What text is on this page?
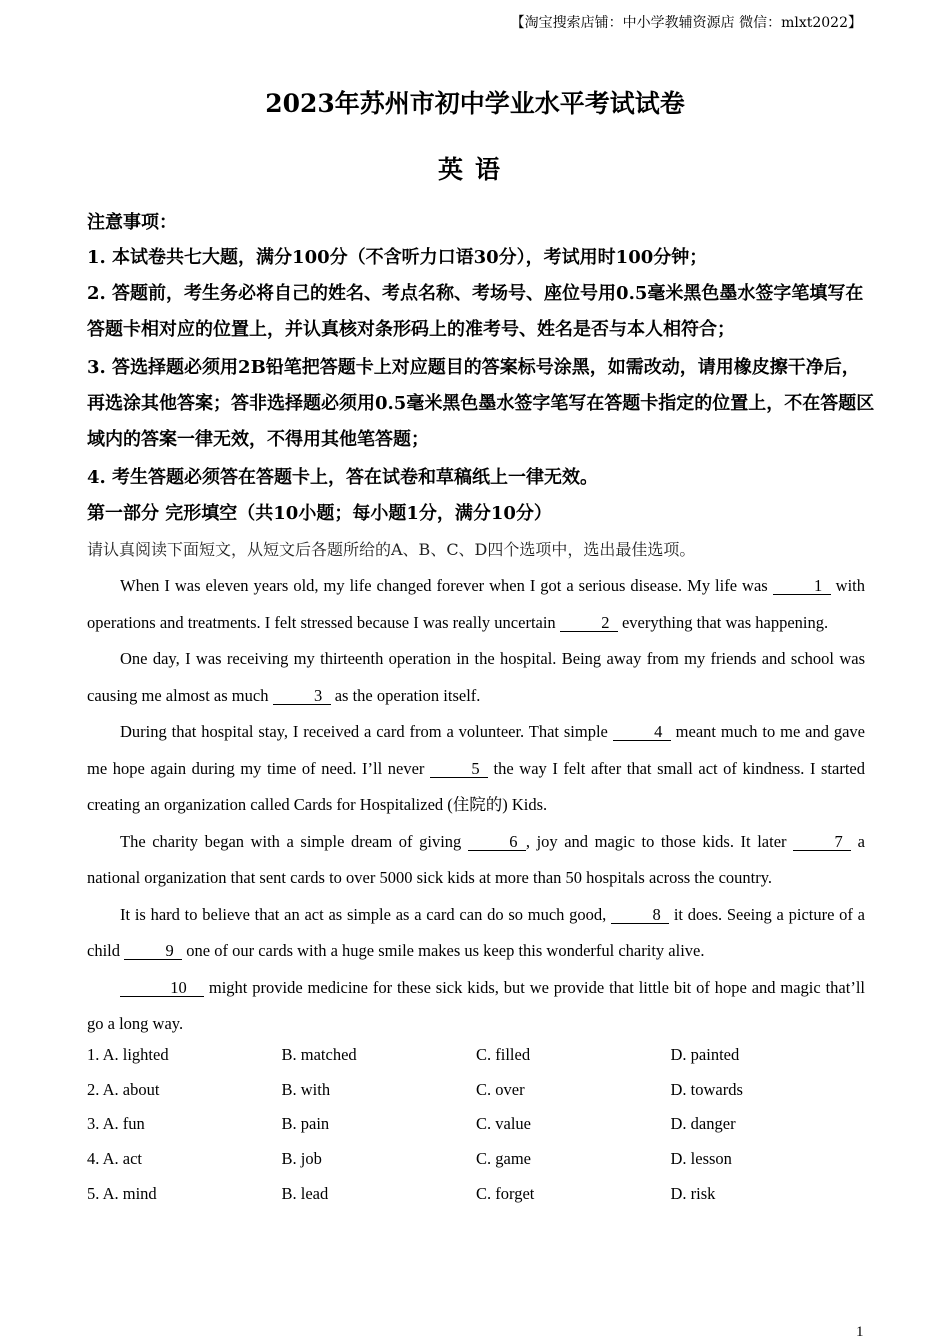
【淘宝搜索店铺：中小学教辅资源店 微信：mlxt2022】
2023年苏州市初中学业水平考试试卷
英语
注意事项：

1. 本试卷共七大题，满分100分（不含听力口语30分），考试用时100分钟；

2. 答题前，考生务必将自己的姓名、考点名称、考场号、座位号用0.5毫米黑色墨水签字笔填写在答题卡相对应的位置上，并认真核对条形码上的准考号、姓名是否与本人相符合；

3. 答选择题必须用2B铅笔把答题卡上对应题目的答案标号涂黑，如需改动，请用橡皮擦干净后，再选涂其他答案；答非选择题必须用0.5毫米黑色墨水签字笔写在答题卡指定的位置上，不在答题区域内的答案一律无效，不得用其他笔答题；

4. 考生答题必须答在答题卡上，答在试卷和草稿纸上一律无效。

第一部分 完形填空（共10小题；每小题1分，满分10分）
请认真阅读下面短文，从短文后各题所给的A、B、C、D四个选项中，选出最佳选项。

When I was eleven years old, my life changed forever when I got a serious disease. My life was	1 with operations and treatments. I felt stressed because I was really uncertain	2 everything that was happening.

One day, I was receiving my thirteenth operation in the hospital. Being away from my friends and school was causing me almost as much	3 as the operation itself.

During that hospital stay, I received a card from a volunteer. That simple	4 meant much to me and gave me hope again during my time of need. I’ll never	5 the way I felt after that small act of kindness. I started creating an organization called Cards for Hospitalized (住院的) Kids.

The charity began with a simple dream of giving	6 , joy and magic to those kids. It later	7 a national organization that sent cards to over 5000 sick kids at more than 50 hospitals across the country.

It is hard to believe that an act as simple as a card can do so much good,	8 it does. Seeing a picture of a child	9 one of our cards with a huge smile makes us keep this wonderful charity alive.

10 might provide medicine for these sick kids, but we provide that little bit of hope and magic that’ll go a long way.

1. A. lighted	B. matched	C. filled	D. painted
2. A. about	B. with	C. over	D. towards
3. A. fun	B. pain	C. value	D. danger
4. A. act	B. job	C. game	D. lesson
5. A. mind	B. lead	C. forget	D. risk
1
